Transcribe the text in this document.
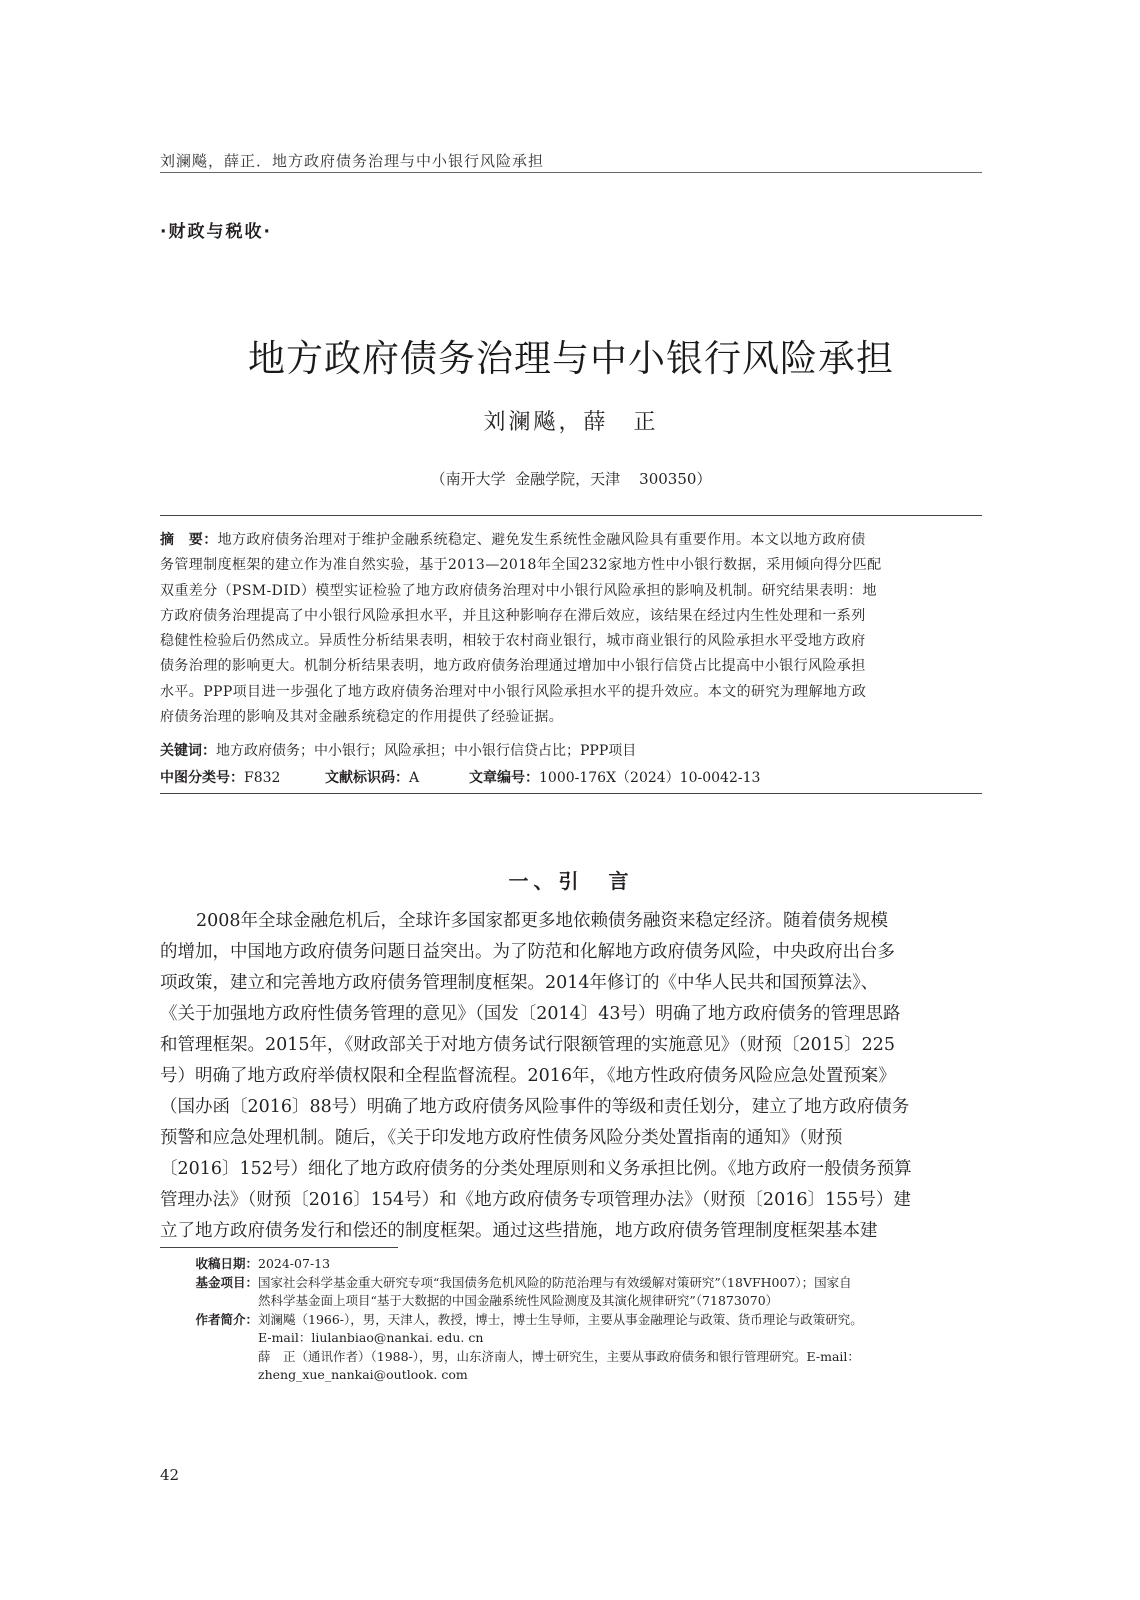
刘澜飚，薛正．地方政府债务治理与中小银行风险承担
·财政与税收·
地方政府债务治理与中小银行风险承担
刘澜飚，薛　正
（南开大学  金融学院，天津    300350）
摘　要：地方政府债务治理对于维护金融系统稳定、避免发生系统性金融风险具有重要作用。本文以地方政府债
务管理制度框架的建立作为准自然实验，基于2013—2018年全国232家地方性中小银行数据，采用倾向得分匹配
双重差分（PSM-DID）模型实证检验了地方政府债务治理对中小银行风险承担的影响及机制。研究结果表明：地
方政府债务治理提高了中小银行风险承担水平，并且这种影响存在滞后效应，该结果在经过内生性处理和一系列
稳健性检验后仍然成立。异质性分析结果表明，相较于农村商业银行，城市商业银行的风险承担水平受地方政府
债务治理的影响更大。机制分析结果表明，地方政府债务治理通过增加中小银行信贷占比提高中小银行风险承担
水平。PPP项目进一步强化了地方政府债务治理对中小银行风险承担水平的提升效应。本文的研究为理解地方政
府债务治理的影响及其对金融系统稳定的作用提供了经验证据。
关键词：地方政府债务；中小银行；风险承担；中小银行信贷占比；PPP项目
中图分类号：F832	文献标识码：A	文章编号：1000-176X（2024）10-0042-13
一、引　言
2008年全球金融危机后，全球许多国家都更多地依赖债务融资来稳定经济。随着债务规模
的增加，中国地方政府债务问题日益突出。为了防范和化解地方政府债务风险，中央政府出台多
项政策，建立和完善地方政府债务管理制度框架。2014年修订的《中华人民共和国预算法》、
《关于加强地方政府性债务管理的意见》（国发〔2014〕43号）明确了地方政府债务的管理思路
和管理框架。2015年，《财政部关于对地方债务试行限额管理的实施意见》（财预〔2015〕225
号）明确了地方政府举债权限和全程监督流程。2016年，《地方性政府债务风险应急处置预案》
（国办函〔2016〕88号）明确了地方政府债务风险事件的等级和责任划分，建立了地方政府债务
预警和应急处理机制。随后，《关于印发地方政府性债务风险分类处置指南的通知》（财预
〔2016〕152号）细化了地方政府债务的分类处理原则和义务承担比例。《地方政府一般债务预算
管理办法》（财预〔2016〕154号）和《地方政府债务专项管理办法》（财预〔2016〕155号）建
立了地方政府债务发行和偿还的制度框架。通过这些措施，地方政府债务管理制度框架基本建
收稿日期： 2024-07-13
基金项目： 国家社会科学基金重大研究专项“我国债务危机风险的防范治理与有效缓解对策研究”（18VFH007）；国家自
然科学基金面上项目“基于大数据的中国金融系统性风险测度及其演化规律研究”（71873070）
作者简介： 刘澜飚（1966-），男，天津人，教授，博士，博士生导师，主要从事金融理论与政策、货币理论与政策研究。
E-mail：liulanbiao@nankai. edu. cn
薛　正（通讯作者）（1988-），男，山东济南人，博士研究生，主要从事政府债务和银行管理研究。E-mail：
zheng_xue_nankai@outlook. com
42
